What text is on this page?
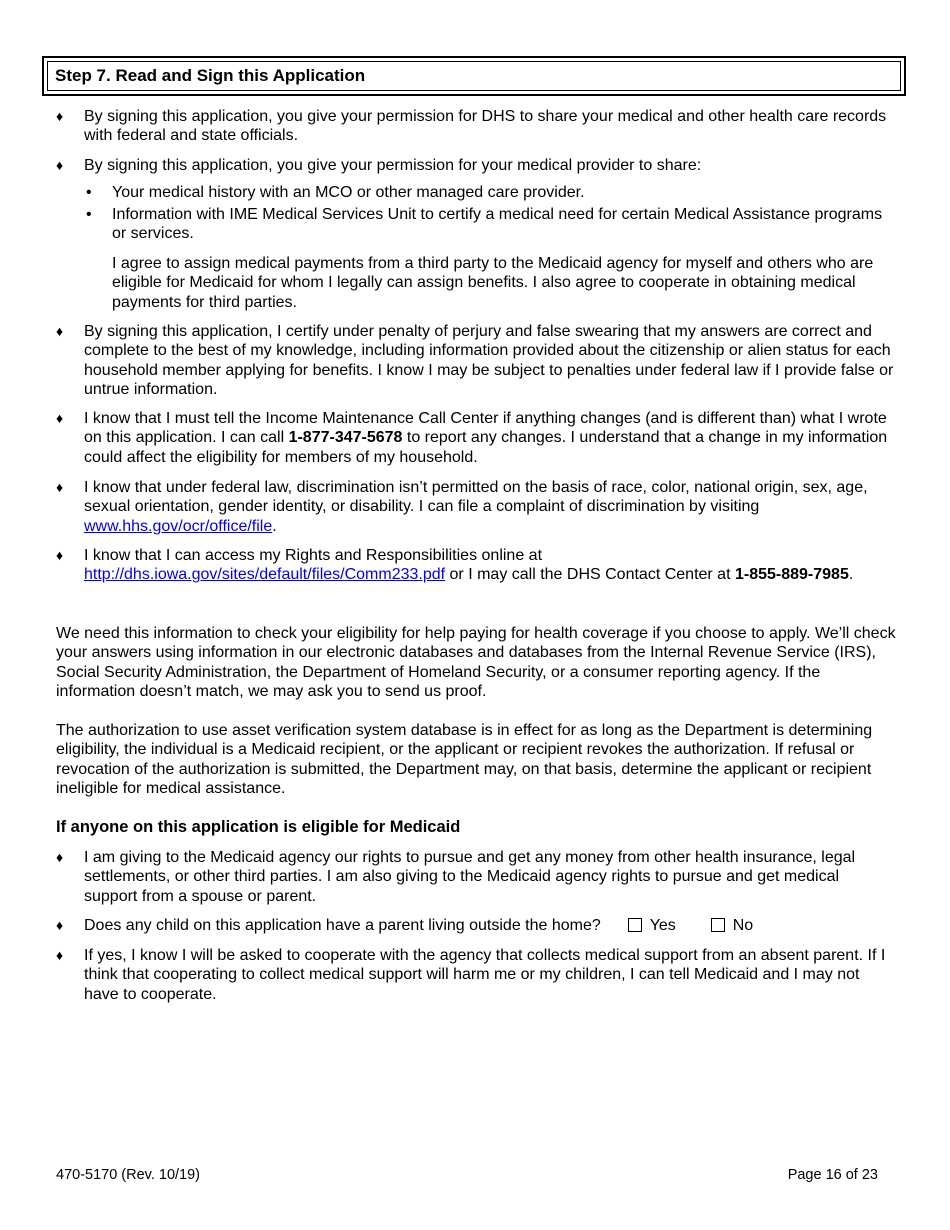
Step 7. Read and Sign this Application
♦ By signing this application, you give your permission for DHS to share your medical and other health care records with federal and state officials.
♦ By signing this application, you give your permission for your medical provider to share:
• Your medical history with an MCO or other managed care provider.
• Information with IME Medical Services Unit to certify a medical need for certain Medical Assistance programs or services.
I agree to assign medical payments from a third party to the Medicaid agency for myself and others who are eligible for Medicaid for whom I legally can assign benefits. I also agree to cooperate in obtaining medical payments for third parties.
♦ By signing this application, I certify under penalty of perjury and false swearing that my answers are correct and complete to the best of my knowledge, including information provided about the citizenship or alien status for each household member applying for benefits. I know I may be subject to penalties under federal law if I provide false or untrue information.
♦ I know that I must tell the Income Maintenance Call Center if anything changes (and is different than) what I wrote on this application. I can call 1-877-347-5678 to report any changes. I understand that a change in my information could affect the eligibility for members of my household.
♦ I know that under federal law, discrimination isn’t permitted on the basis of race, color, national origin, sex, age, sexual orientation, gender identity, or disability. I can file a complaint of discrimination by visiting www.hhs.gov/ocr/office/file.
♦ I know that I can access my Rights and Responsibilities online at http://dhs.iowa.gov/sites/default/files/Comm233.pdf or I may call the DHS Contact Center at 1-855-889-7985.
We need this information to check your eligibility for help paying for health coverage if you choose to apply. We’ll check your answers using information in our electronic databases and databases from the Internal Revenue Service (IRS), Social Security Administration, the Department of Homeland Security, or a consumer reporting agency. If the information doesn’t match, we may ask you to send us proof.
The authorization to use asset verification system database is in effect for as long as the Department is determining eligibility, the individual is a Medicaid recipient, or the applicant or recipient revokes the authorization. If refusal or revocation of the authorization is submitted, the Department may, on that basis, determine the applicant or recipient ineligible for medical assistance.
If anyone on this application is eligible for Medicaid
♦ I am giving to the Medicaid agency our rights to pursue and get any money from other health insurance, legal settlements, or other third parties. I am also giving to the Medicaid agency rights to pursue and get medical support from a spouse or parent.
♦ Does any child on this application have a parent living outside the home?	Yes	No
♦ If yes, I know I will be asked to cooperate with the agency that collects medical support from an absent parent. If I think that cooperating to collect medical support will harm me or my children, I can tell Medicaid and I may not have to cooperate.
470-5170 (Rev. 10/19)	Page 16 of 23
